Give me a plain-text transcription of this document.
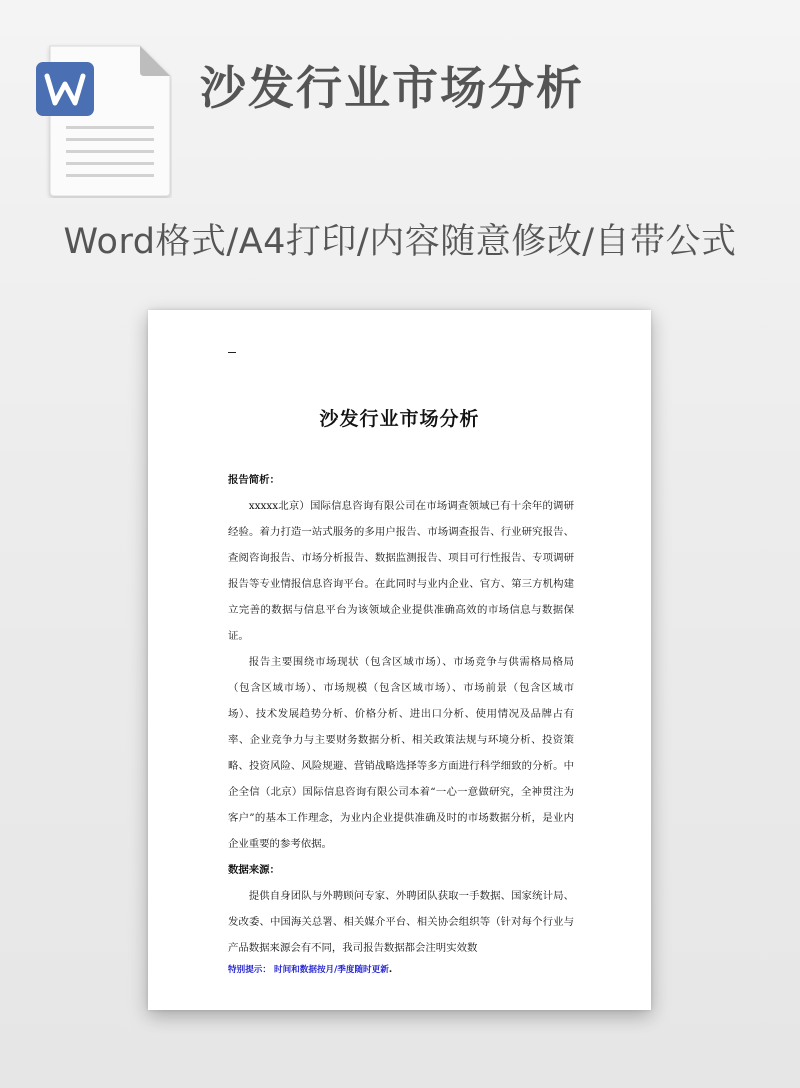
沙发行业市场分析
Word格式/A4打印/内容随意修改/自带公式
沙发行业市场分析
报告简析：
xxxxx北京）国际信息咨询有限公司在市场调查领域已有十余年的调研经验。着力打造一站式服务的多用户报告、市场调查报告、行业研究报告、查阅咨询报告、市场分析报告、数据监测报告、项目可行性报告、专项调研报告等专业情报信息咨询平台。在此同时与业内企业、官方、第三方机构建立完善的数据与信息平台为该领域企业提供准确高效的市场信息与数据保证。
报告主要围绕市场现状（包含区域市场）、市场竞争与供需格局格局（包含区域市场）、市场规模（包含区域市场）、市场前景（包含区域市场）、技术发展趋势分析、价格分析、进出口分析、使用情况及品牌占有率、企业竞争力与主要财务数据分析、相关政策法规与环境分析、投资策略、投资风险、风险规避、营销战略选择等多方面进行科学细致的分析。中企全信（北京）国际信息咨询有限公司本着“一心一意做研究，全神贯注为客户”的基本工作理念，为业内企业提供准确及时的市场数据分析，是业内企业重要的参考依据。
数据来源：
提供自身团队与外聘顾问专家、外聘团队获取一手数据、国家统计局、发改委、中国海关总署、相关媒介平台、相关协会组织等（针对每个行业与产品数据来源会有不同，我司报告数据都会注明实效数
特别提示： 时间和数据按月/季度随时更新.
